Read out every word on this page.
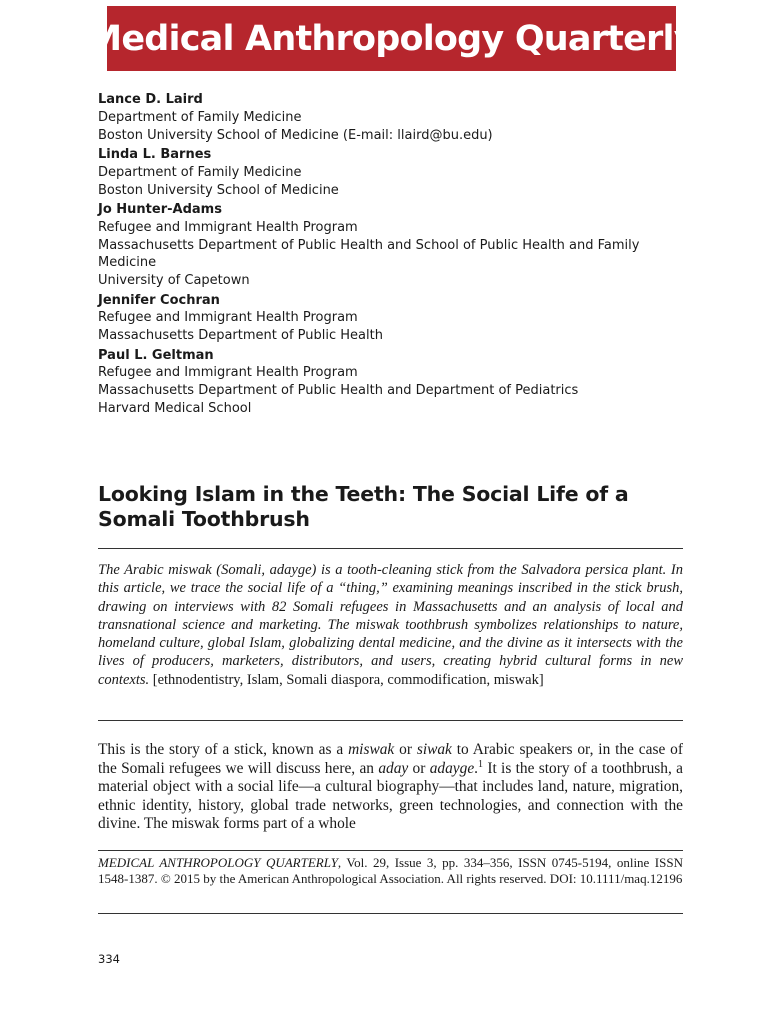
Medical Anthropology Quarterly
Lance D. Laird
Department of Family Medicine
Boston University School of Medicine (E-mail: llaird@bu.edu)
Linda L. Barnes
Department of Family Medicine
Boston University School of Medicine
Jo Hunter-Adams
Refugee and Immigrant Health Program
Massachusetts Department of Public Health and School of Public Health and Family Medicine
University of Capetown
Jennifer Cochran
Refugee and Immigrant Health Program
Massachusetts Department of Public Health
Paul L. Geltman
Refugee and Immigrant Health Program
Massachusetts Department of Public Health and Department of Pediatrics
Harvard Medical School
Looking Islam in the Teeth: The Social Life of a Somali Toothbrush

The Arabic miswak (Somali, adayge) is a tooth-cleaning stick from the Salvadora persica plant. In this article, we trace the social life of a “thing,” examining meanings inscribed in the stick brush, drawing on interviews with 82 Somali refugees in Massachusetts and an analysis of local and transnational science and marketing. The miswak toothbrush symbolizes relationships to nature, homeland culture, global Islam, globalizing dental medicine, and the divine as it intersects with the lives of producers, marketers, distributors, and users, creating hybrid cultural forms in new contexts. [ethnodentistry, Islam, Somali diaspora, commodification, miswak]

This is the story of a stick, known as a miswak or siwak to Arabic speakers or, in the case of the Somali refugees we will discuss here, an aday or adayge.$^1$ It is the story of a toothbrush, a material object with a social life—a cultural biography—that includes land, nature, migration, ethnic identity, history, global trade networks, green technologies, and connection with the divine. The miswak forms part of a whole

MEDICAL ANTHROPOLOGY QUARTERLY, Vol. 29, Issue 3, pp. 334–356, ISSN 0745-5194, online ISSN 1548-1387. © 2015 by the American Anthropological Association. All rights reserved. DOI: 10.1111/maq.12196

334
